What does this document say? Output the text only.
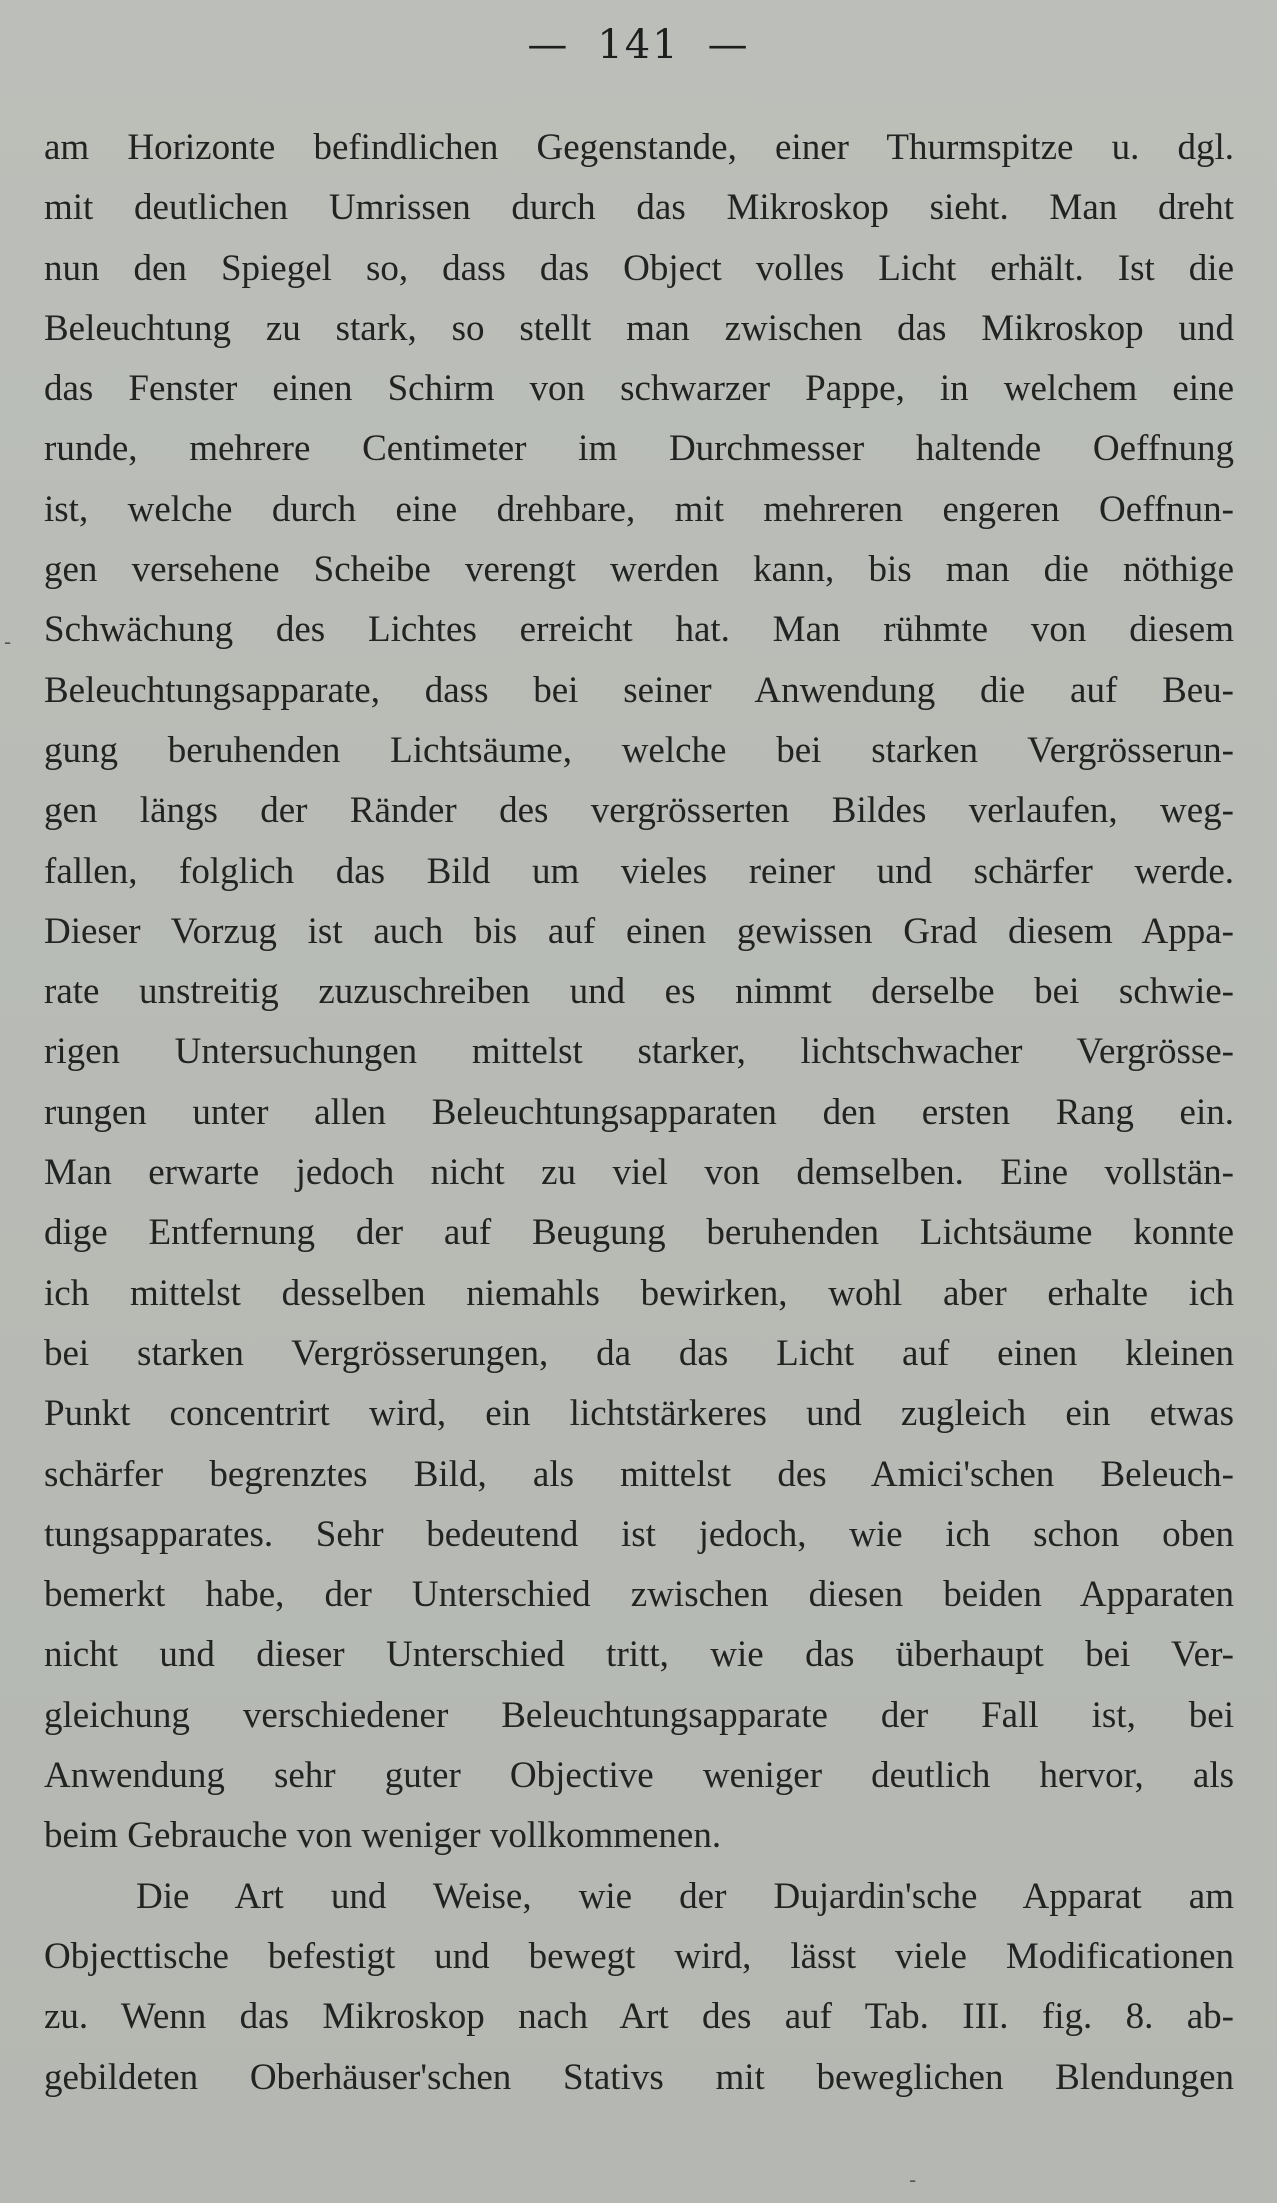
— 141 —
am Horizonte befindlichen Gegenstande, einer Thurmspitze u. dgl.
mit deutlichen Umrissen durch das Mikroskop sieht. Man dreht
nun den Spiegel so, dass das Object volles Licht erhält. Ist die
Beleuchtung zu stark, so stellt man zwischen das Mikroskop und
das Fenster einen Schirm von schwarzer Pappe, in welchem eine
runde, mehrere Centimeter im Durchmesser haltende Oeffnung
ist, welche durch eine drehbare, mit mehreren engeren Oeffnun-
gen versehene Scheibe verengt werden kann, bis man die nöthige
Schwächung des Lichtes erreicht hat. Man rühmte von diesem
Beleuchtungsapparate, dass bei seiner Anwendung die auf Beu-
gung beruhenden Lichtsäume, welche bei starken Vergrösserun-
gen längs der Ränder des vergrösserten Bildes verlaufen, weg-
fallen, folglich das Bild um vieles reiner und schärfer werde.
Dieser Vorzug ist auch bis auf einen gewissen Grad diesem Appa-
rate unstreitig zuzuschreiben und es nimmt derselbe bei schwie-
rigen Untersuchungen mittelst starker, lichtschwacher Vergrösse-
rungen unter allen Beleuchtungsapparaten den ersten Rang ein.
Man erwarte jedoch nicht zu viel von demselben. Eine vollstän-
dige Entfernung der auf Beugung beruhenden Lichtsäume konnte
ich mittelst desselben niemahls bewirken, wohl aber erhalte ich
bei starken Vergrösserungen, da das Licht auf einen kleinen
Punkt concentrirt wird, ein lichtstärkeres und zugleich ein etwas
schärfer begrenztes Bild, als mittelst des Amici'schen Beleuch-
tungsapparates. Sehr bedeutend ist jedoch, wie ich schon oben
bemerkt habe, der Unterschied zwischen diesen beiden Apparaten
nicht und dieser Unterschied tritt, wie das überhaupt bei Ver-
gleichung verschiedener Beleuchtungsapparate der Fall ist, bei
Anwendung sehr guter Objective weniger deutlich hervor, als
beim Gebrauche von weniger vollkommenen.
Die Art und Weise, wie der Dujardin'sche Apparat am
Objecttische befestigt und bewegt wird, lässt viele Modificationen
zu. Wenn das Mikroskop nach Art des auf Tab. III. fig. 8. ab-
gebildeten Oberhäuser'schen Stativs mit beweglichen Blendungen
-
-
